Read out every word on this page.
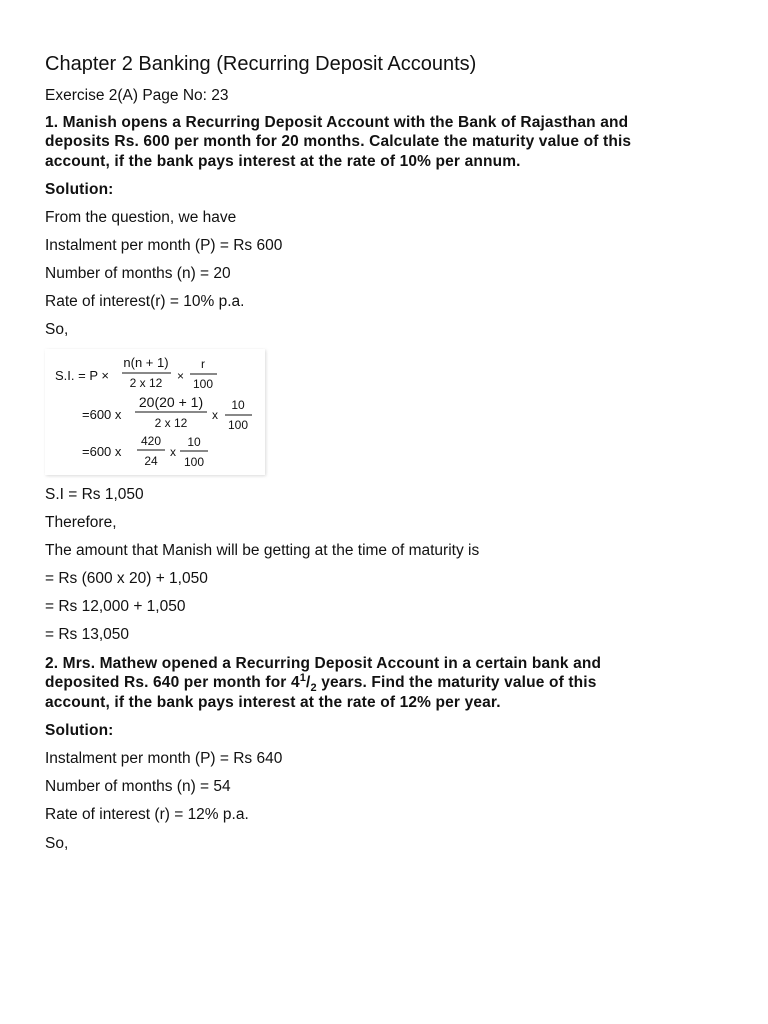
Chapter 2 Banking (Recurring Deposit Accounts)
Exercise 2(A) Page No: 23
1. Manish opens a Recurring Deposit Account with the Bank of Rajasthan and
deposits Rs. 600 per month for 20 months. Calculate the maturity value of this
account, if the bank pays interest at the rate of 10% per annum.
Solution:
From the question, we have
Instalment per month (P) = Rs 600
Number of months (n) = 20
Rate of interest(r) = 10% p.a.
So,
S.I. = P ×
n(n + 1)
2 x 12 ×
r
100
=600 x
20(20 + 1)
2 x 12
x
10
100
=600 x
420
24
x
10
100
S.I = Rs 1,050
Therefore,
The amount that Manish will be getting at the time of maturity is
= Rs (600 x 20) + 1,050
= Rs 12,000 + 1,050
= Rs 13,050
2. Mrs. Mathew opened a Recurring Deposit Account in a certain bank and
deposited Rs. 640 per month for $4^1/_2$ years. Find the maturity value of this
account, if the bank pays interest at the rate of 12% per year.
Solution:
Instalment per month (P) = Rs 640
Number of months (n) = 54
Rate of interest (r) = 12% p.a.
So,
